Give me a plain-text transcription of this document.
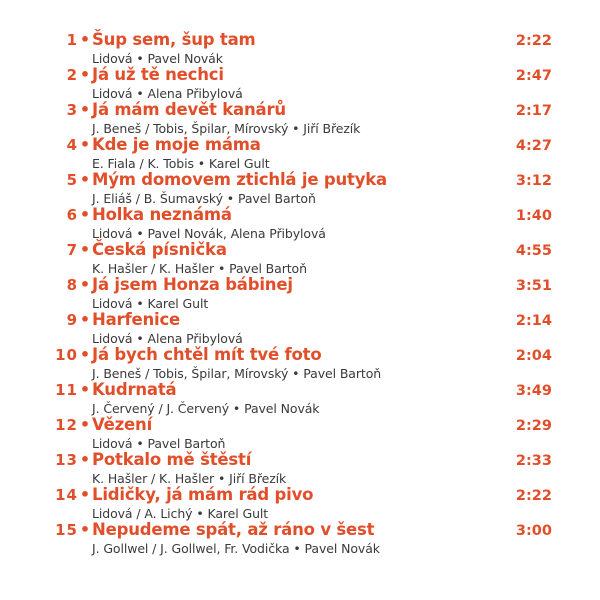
1 • Šup sem, šup tam	2:22
Lidová • Pavel Novák
2 • Já už tě nechci	2:47
Lidová • Alena Přibylová
3 • Já mám devět kanárů	2:17
J. Beneš / Tobis, Špilar, Mírovský • Jiří Březík
4 • Kde je moje máma	4:27
E. Fiala / K. Tobis • Karel Gult
5 • Mým domovem ztichlá je putyka	3:12
J. Eliáš / B. Šumavský • Pavel Bartoň
6 • Holka neznámá	1:40
Lidová • Pavel Novák, Alena Přibylová
7 • Česká písnička	4:55
K. Hašler / K. Hašler • Pavel Bartoň
8 • Já jsem Honza bábinej	3:51
Lidová • Karel Gult
9 • Harfenice	2:14
Lidová • Alena Přibylová
10 • Já bych chtěl mít tvé foto	2:04
J. Beneš / Tobis, Špilar, Mírovský • Pavel Bartoň
11 • Kudrnatá	3:49
J. Červený / J. Červený • Pavel Novák
12 • Vězení	2:29
Lidová • Pavel Bartoň
13 • Potkalo mě štěstí	2:33
K. Hašler / K. Hašler • Jiří Březík
14 • Lidičky, já mám rád pivo	2:22
Lidová / A. Lichý • Karel Gult
15 • Nepudeme spát, až ráno v šest	3:00
J. Gollwel / J. Gollwel, Fr. Vodička • Pavel Novák
